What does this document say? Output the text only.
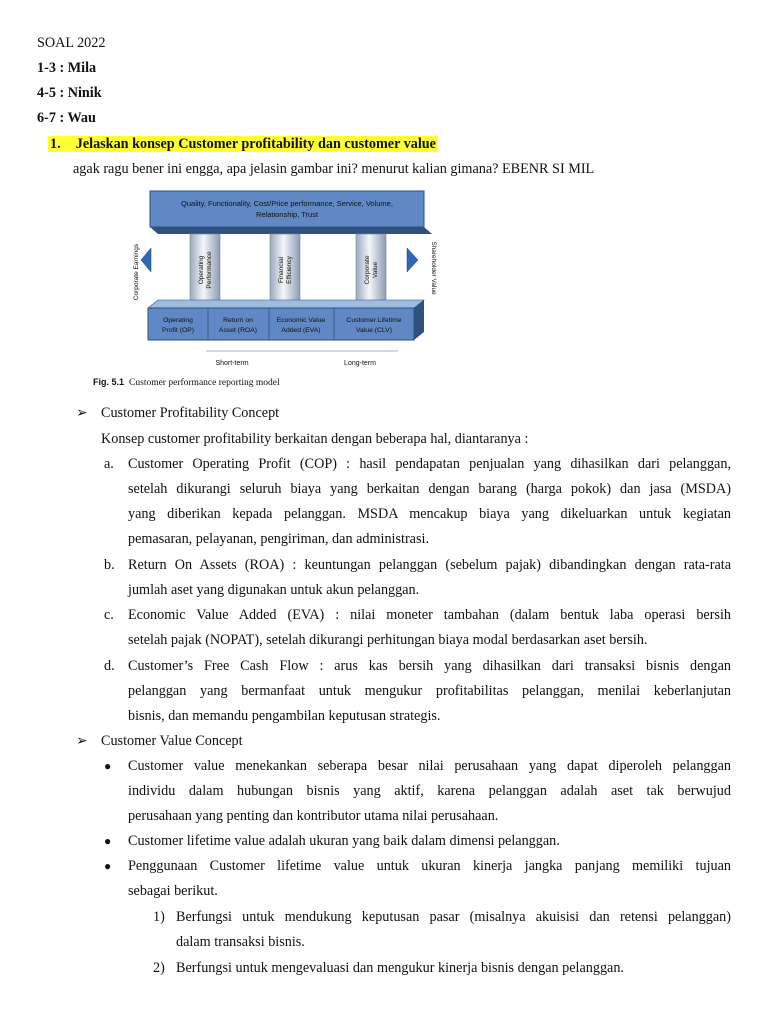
SOAL 2022
1-3 : Mila
4-5 : Ninik
6-7 : Wau
1. Jelaskan konsep Customer profitability dan customer value
agak ragu bener ini engga, apa jelasin gambar ini? menurut kalian gimana? EBENR SI MIL
Quality, Functionality, Cost/Price performance, Service, Volume,
Relationship, Trust
Operating Performance	Financial Efficiency	Corporate Value
Corporate Earnings	Shareholder Value
Operating
Profit (OP)
Return on
Asset (ROA)
Economic Value
Added (EVA)
Customer Lifetime
Value (CLV)
Short-term	Long-term
Fig. 5.1 Customer performance reporting model
➢ Customer Profitability Concept
Konsep customer profitability berkaitan dengan beberapa hal, diantaranya :
a. Customer Operating Profit (COP) : hasil pendapatan penjualan yang dihasilkan dari pelanggan,
setelah dikurangi seluruh biaya yang berkaitan dengan barang (harga pokok) dan jasa (MSDA)
yang diberikan kepada pelanggan. MSDA mencakup biaya yang dikeluarkan untuk kegiatan
pemasaran, pelayanan, pengiriman, dan administrasi.
b. Return On Assets (ROA) : keuntungan pelanggan (sebelum pajak) dibandingkan dengan rata-rata
jumlah aset yang digunakan untuk akun pelanggan.
c. Economic Value Added (EVA) : nilai moneter tambahan (dalam bentuk laba operasi bersih
setelah pajak (NOPAT), setelah dikurangi perhitungan biaya modal berdasarkan aset bersih.
d. Customer’s Free Cash Flow : arus kas bersih yang dihasilkan dari transaksi bisnis dengan
pelanggan yang bermanfaat untuk mengukur profitabilitas pelanggan, menilai keberlanjutan
bisnis, dan memandu pengambilan keputusan strategis.
➢ Customer Value Concept
● Customer value menekankan seberapa besar nilai perusahaan yang dapat diperoleh pelanggan
individu dalam hubungan bisnis yang aktif, karena pelanggan adalah aset tak berwujud
perusahaan yang penting dan kontributor utama nilai perusahaan.
● Customer lifetime value adalah ukuran yang baik dalam dimensi pelanggan.
● Penggunaan Customer lifetime value untuk ukuran kinerja jangka panjang memiliki tujuan
sebagai berikut.
1) Berfungsi untuk mendukung keputusan pasar (misalnya akuisisi dan retensi pelanggan)
dalam transaksi bisnis.
2) Berfungsi untuk mengevaluasi dan mengukur kinerja bisnis dengan pelanggan.
